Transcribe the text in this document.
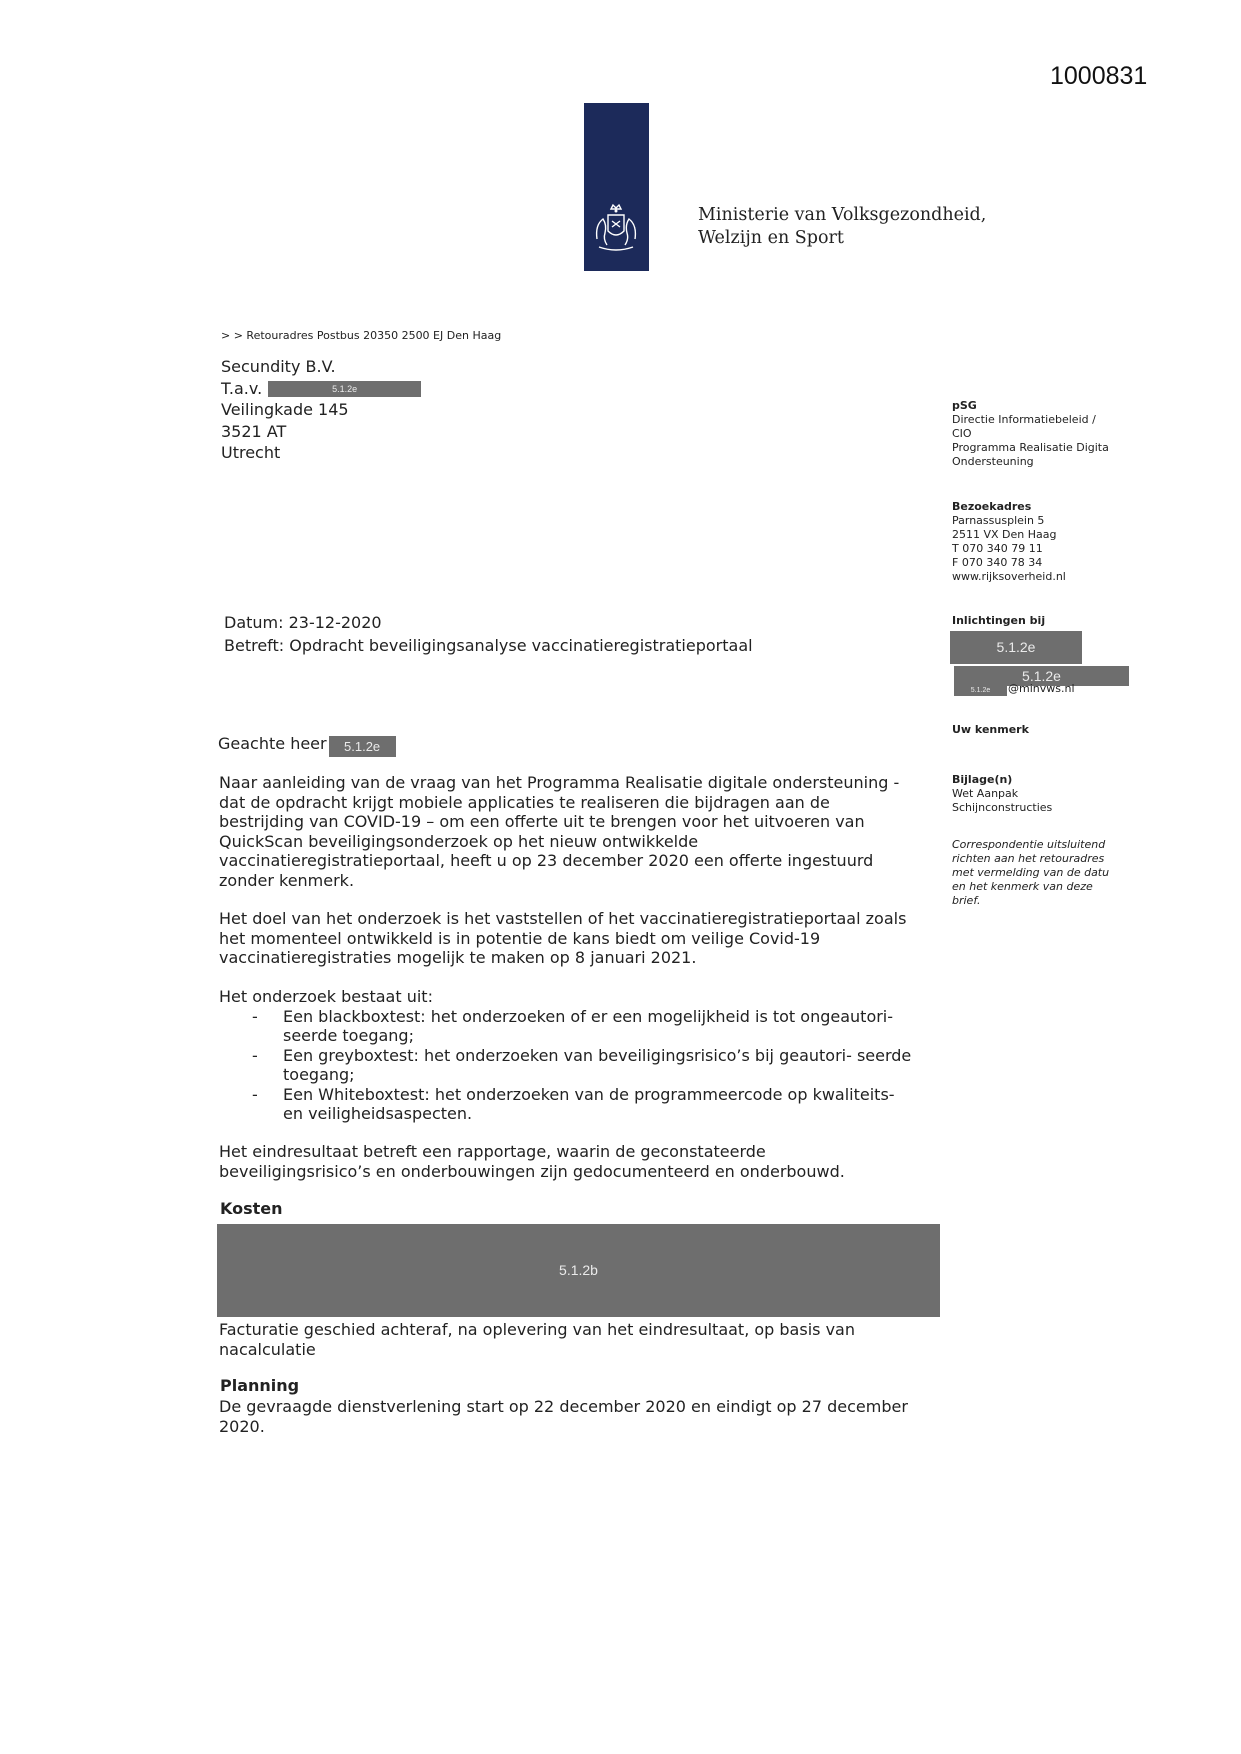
1000831
Ministerie van Volksgezondheid,
Welzijn en Sport
> > Retouradres Postbus 20350 2500 EJ Den Haag
Secundity B.V.
T.a.v.	5.1.2e
Veilingkade 145
3521 AT
Utrecht
pSG
Directie Informatiebeleid /
CIO
Programma Realisatie Digita
Ondersteuning
Bezoekadres
Parnassusplein 5
2511 VX Den Haag
T 070 340 79 11
F 070 340 78 34
www.rijksoverheid.nl
Inlichtingen bij
5.1.2e
5.1.2e
5.1.2e	@minvws.nl
Uw kenmerk
Bijlage(n)
Wet Aanpak
Schijnconstructies
Correspondentie uitsluitend
richten aan het retouradres
met vermelding van de datu
en het kenmerk van deze
brief.
Datum: 23-12-2020
Betreft: Opdracht beveiligingsanalyse vaccinatieregistratieportaal
Geachte heer 5.1.2e

Naar aanleiding van de vraag van het Programma Realisatie digitale ondersteuning - dat de opdracht krijgt mobiele applicaties te realiseren die bijdragen aan de bestrijding van COVID-19 – om een offerte uit te brengen voor het uitvoeren van QuickScan beveiligingsonderzoek op het nieuw ontwikkelde vaccinatieregistratieportaal, heeft u op 23 december 2020 een offerte ingestuurd zonder kenmerk.

Het doel van het onderzoek is het vaststellen of het vaccinatieregistratieportaal zoals het momenteel ontwikkeld is in potentie de kans biedt om veilige Covid-19 vaccinatieregistraties mogelijk te maken op 8 januari 2021.

Het onderzoek bestaat uit:

- Een blackboxtest: het onderzoeken of er een mogelijkheid is tot ongeautori- seerde toegang;
- Een greyboxtest: het onderzoeken van beveiligingsrisico’s bij geautori- seerde toegang;
- Een Whiteboxtest: het onderzoeken van de programmeercode op kwaliteits- en veiligheidsaspecten.

Het eindresultaat betreft een rapportage, waarin de geconstateerde beveiligingsrisico’s en onderbouwingen zijn gedocumenteerd en onderbouwd.

Kosten
5.1.2b

Facturatie geschied achteraf, na oplevering van het eindresultaat, op basis van nacalculatie

Planning

De gevraagde dienstverlening start op 22 december 2020 en eindigt op 27 december 2020.
